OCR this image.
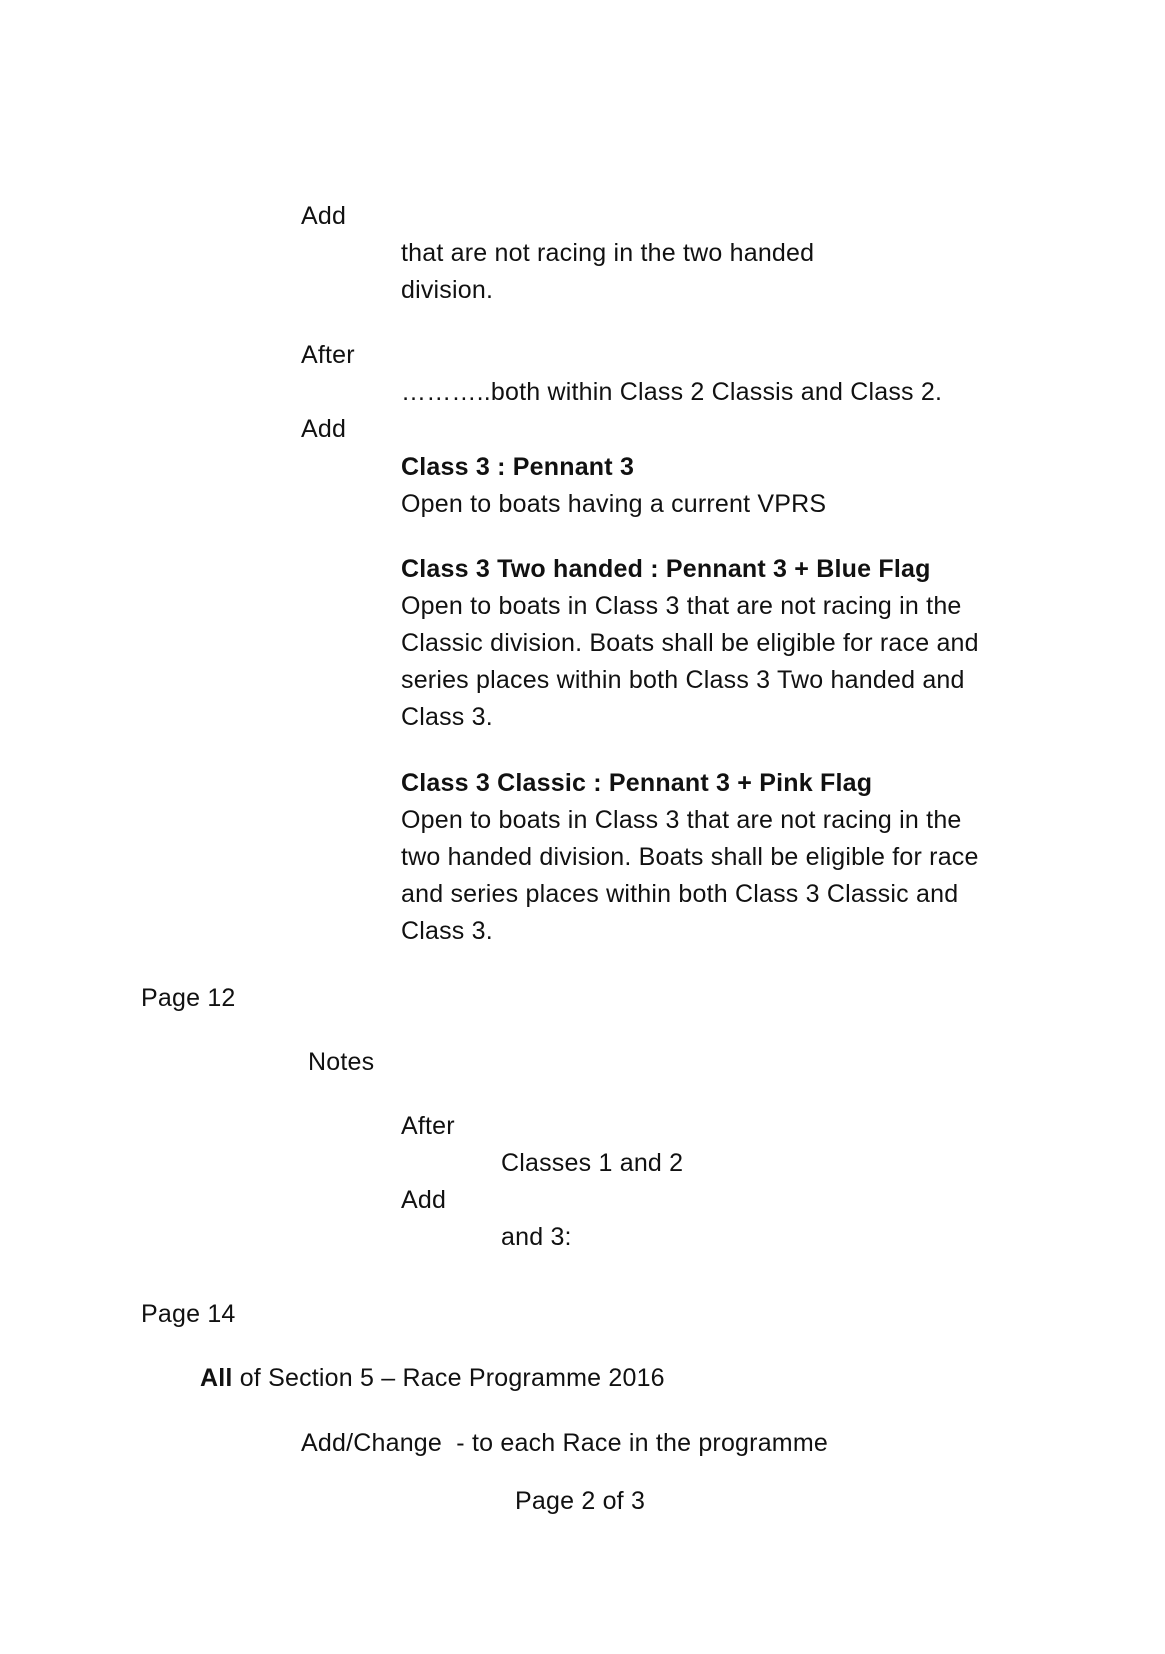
Add
that are not racing in the two handed division.
After
………..both within Class 2 Classis and Class 2.
Add
Class 3 : Pennant 3
Open to boats having a current VPRS
Class 3 Two handed : Pennant 3 + Blue Flag
Open to boats in Class 3 that are not racing in the Classic division. Boats shall be eligible for race and series places within both Class 3 Two handed and Class 3.
Class 3 Classic : Pennant 3 + Pink Flag
Open to boats in Class 3 that are not racing in the two handed division. Boats shall be eligible for race and series places within both Class 3 Classic and Class 3.
Page 12
Notes
After
Classes 1 and 2
Add
and 3:
Page 14
All of Section 5 – Race Programme 2016
Add/Change  - to each Race in the programme
Page 2 of 3
